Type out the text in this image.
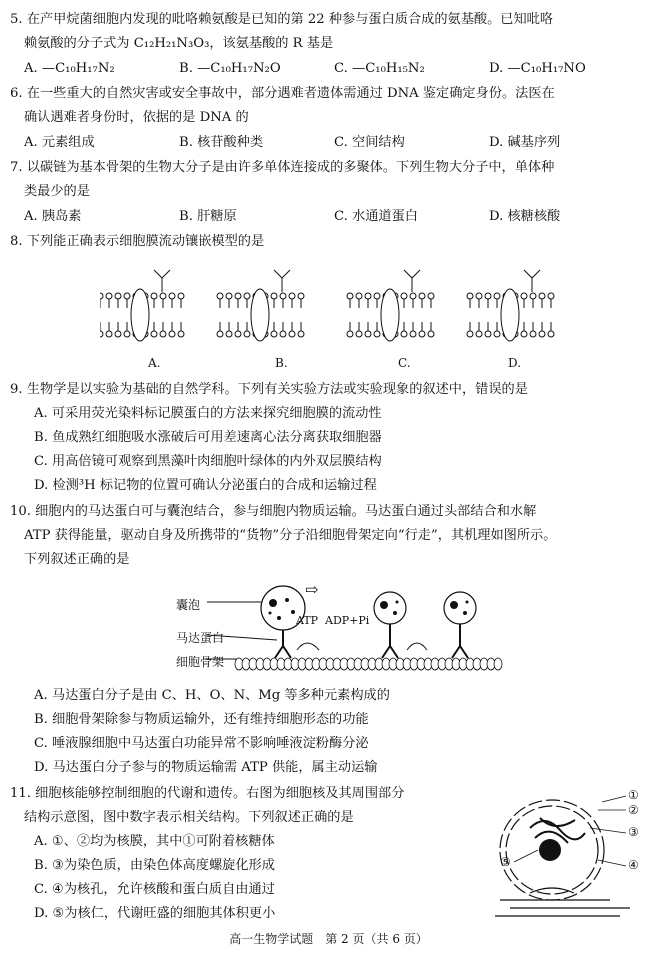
5. 在产甲烷菌细胞内发现的吡咯赖氨酸是已知的第 22 种参与蛋白质合成的氨基酸。已知吡咯
赖氨酸的分子式为 C₁₂H₂₁N₃O₃，该氨基酸的 R 基是
A. —C₁₀H₁₇N₂	B. —C₁₀H₁₇N₂O	C. —C₁₀H₁₅N₂	D. —C₁₀H₁₇NO
6. 在一些重大的自然灾害或安全事故中，部分遇难者遗体需通过 DNA 鉴定确定身份。法医在
确认遇难者身份时，依据的是 DNA 的
A. 元素组成	B. 核苷酸种类	C. 空间结构	D. 碱基序列
7. 以碳链为基本骨架的生物大分子是由许多单体连接成的多聚体。下列生物大分子中，单体种
类最少的是
A. 胰岛素	B. 肝糖原	C. 水通道蛋白	D. 核糖核酸
8. 下列能正确表示细胞膜流动镶嵌模型的是
A.	B.	C.	D.
9. 生物学是以实验为基础的自然学科。下列有关实验方法或实验现象的叙述中，错误的是
A. 可采用荧光染料标记膜蛋白的方法来探究细胞膜的流动性
B. 鱼成熟红细胞吸水涨破后可用差速离心法分离获取细胞器
C. 用高倍镜可观察到黑藻叶肉细胞叶绿体的内外双层膜结构
D. 检测³H 标记物的位置可确认分泌蛋白的合成和运输过程
10. 细胞内的马达蛋白可与囊泡结合，参与细胞内物质运输。马达蛋白通过头部结合和水解
ATP 获得能量，驱动自身及所携带的“货物”分子沿细胞骨架定向“行走”，其机理如图所示。
下列叙述正确的是
囊泡
马达蛋白
细胞骨架
ATP ADP+Pi
⇨
A. 马达蛋白分子是由 C、H、O、N、Mg 等多种元素构成的
B. 细胞骨架除参与物质运输外，还有维持细胞形态的功能
C. 唾液腺细胞中马达蛋白功能异常不影响唾液淀粉酶分泌
D. 马达蛋白分子参与的物质运输需 ATP 供能，属主动运输
11. 细胞核能够控制细胞的代谢和遗传。右图为细胞核及其周围部分
结构示意图，图中数字表示相关结构。下列叙述正确的是
A. ①、②均为核膜，其中①可附着核糖体
B. ③为染色质，由染色体高度螺旋化形成
C. ④为核孔，允许核酸和蛋白质自由通过
D. ⑤为核仁，代谢旺盛的细胞其体积更小
①
②
③
④
⑤
高一生物学试题　第 2 页（共 6 页）
